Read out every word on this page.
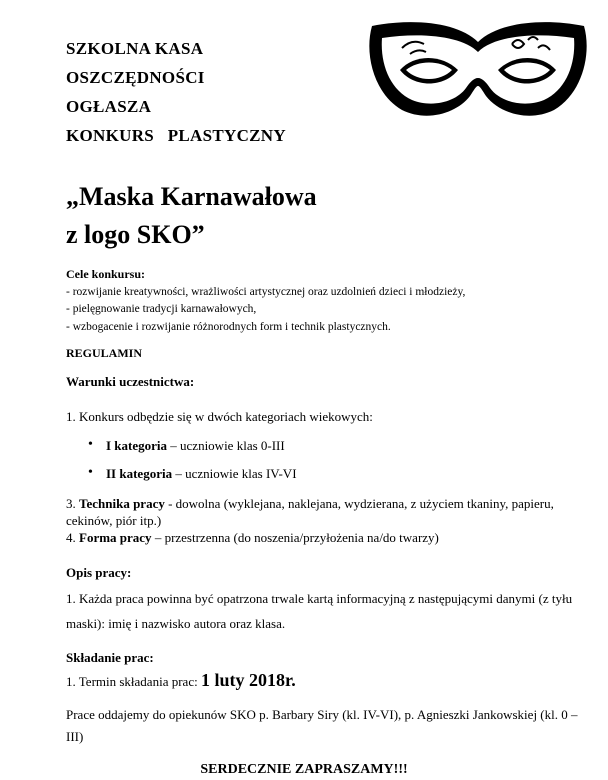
SZKOLNA KASA
OSZCZĘDNOŚCI
OGŁASZA
KONKURS   PLASTYCZNY
„Maska Karnawałowa
z logo SKO”
Cele konkursu:
- rozwijanie kreatywności, wrażliwości artystycznej oraz uzdolnień dzieci i młodzieży,
- pielęgnowanie tradycji karnawałowych,
- wzbogacenie i rozwijanie różnorodnych form i technik plastycznych.
REGULAMIN
Warunki uczestnictwa:
1. Konkurs odbędzie się w dwóch kategoriach wiekowych:
• I kategoria – uczniowie klas 0-III
• II kategoria – uczniowie klas IV-VI
3. Technika pracy - dowolna (wyklejana, naklejana, wydzierana, z użyciem tkaniny, papieru, cekinów, piór itp.)
4. Forma pracy – przestrzenna (do noszenia/przyłożenia na/do twarzy)
Opis pracy:
1. Każda praca powinna być opatrzona trwale kartą informacyjną z następującymi danymi (z tyłu maski): imię i nazwisko autora oraz klasa.
Składanie prac:
1. Termin składania prac: 1 luty 2018r.
Prace oddajemy do opiekunów SKO p. Barbary Siry (kl. IV-VI), p. Agnieszki Jankowskiej (kl. 0 – III)
SERDECZNIE ZAPRASZAMY!!!
